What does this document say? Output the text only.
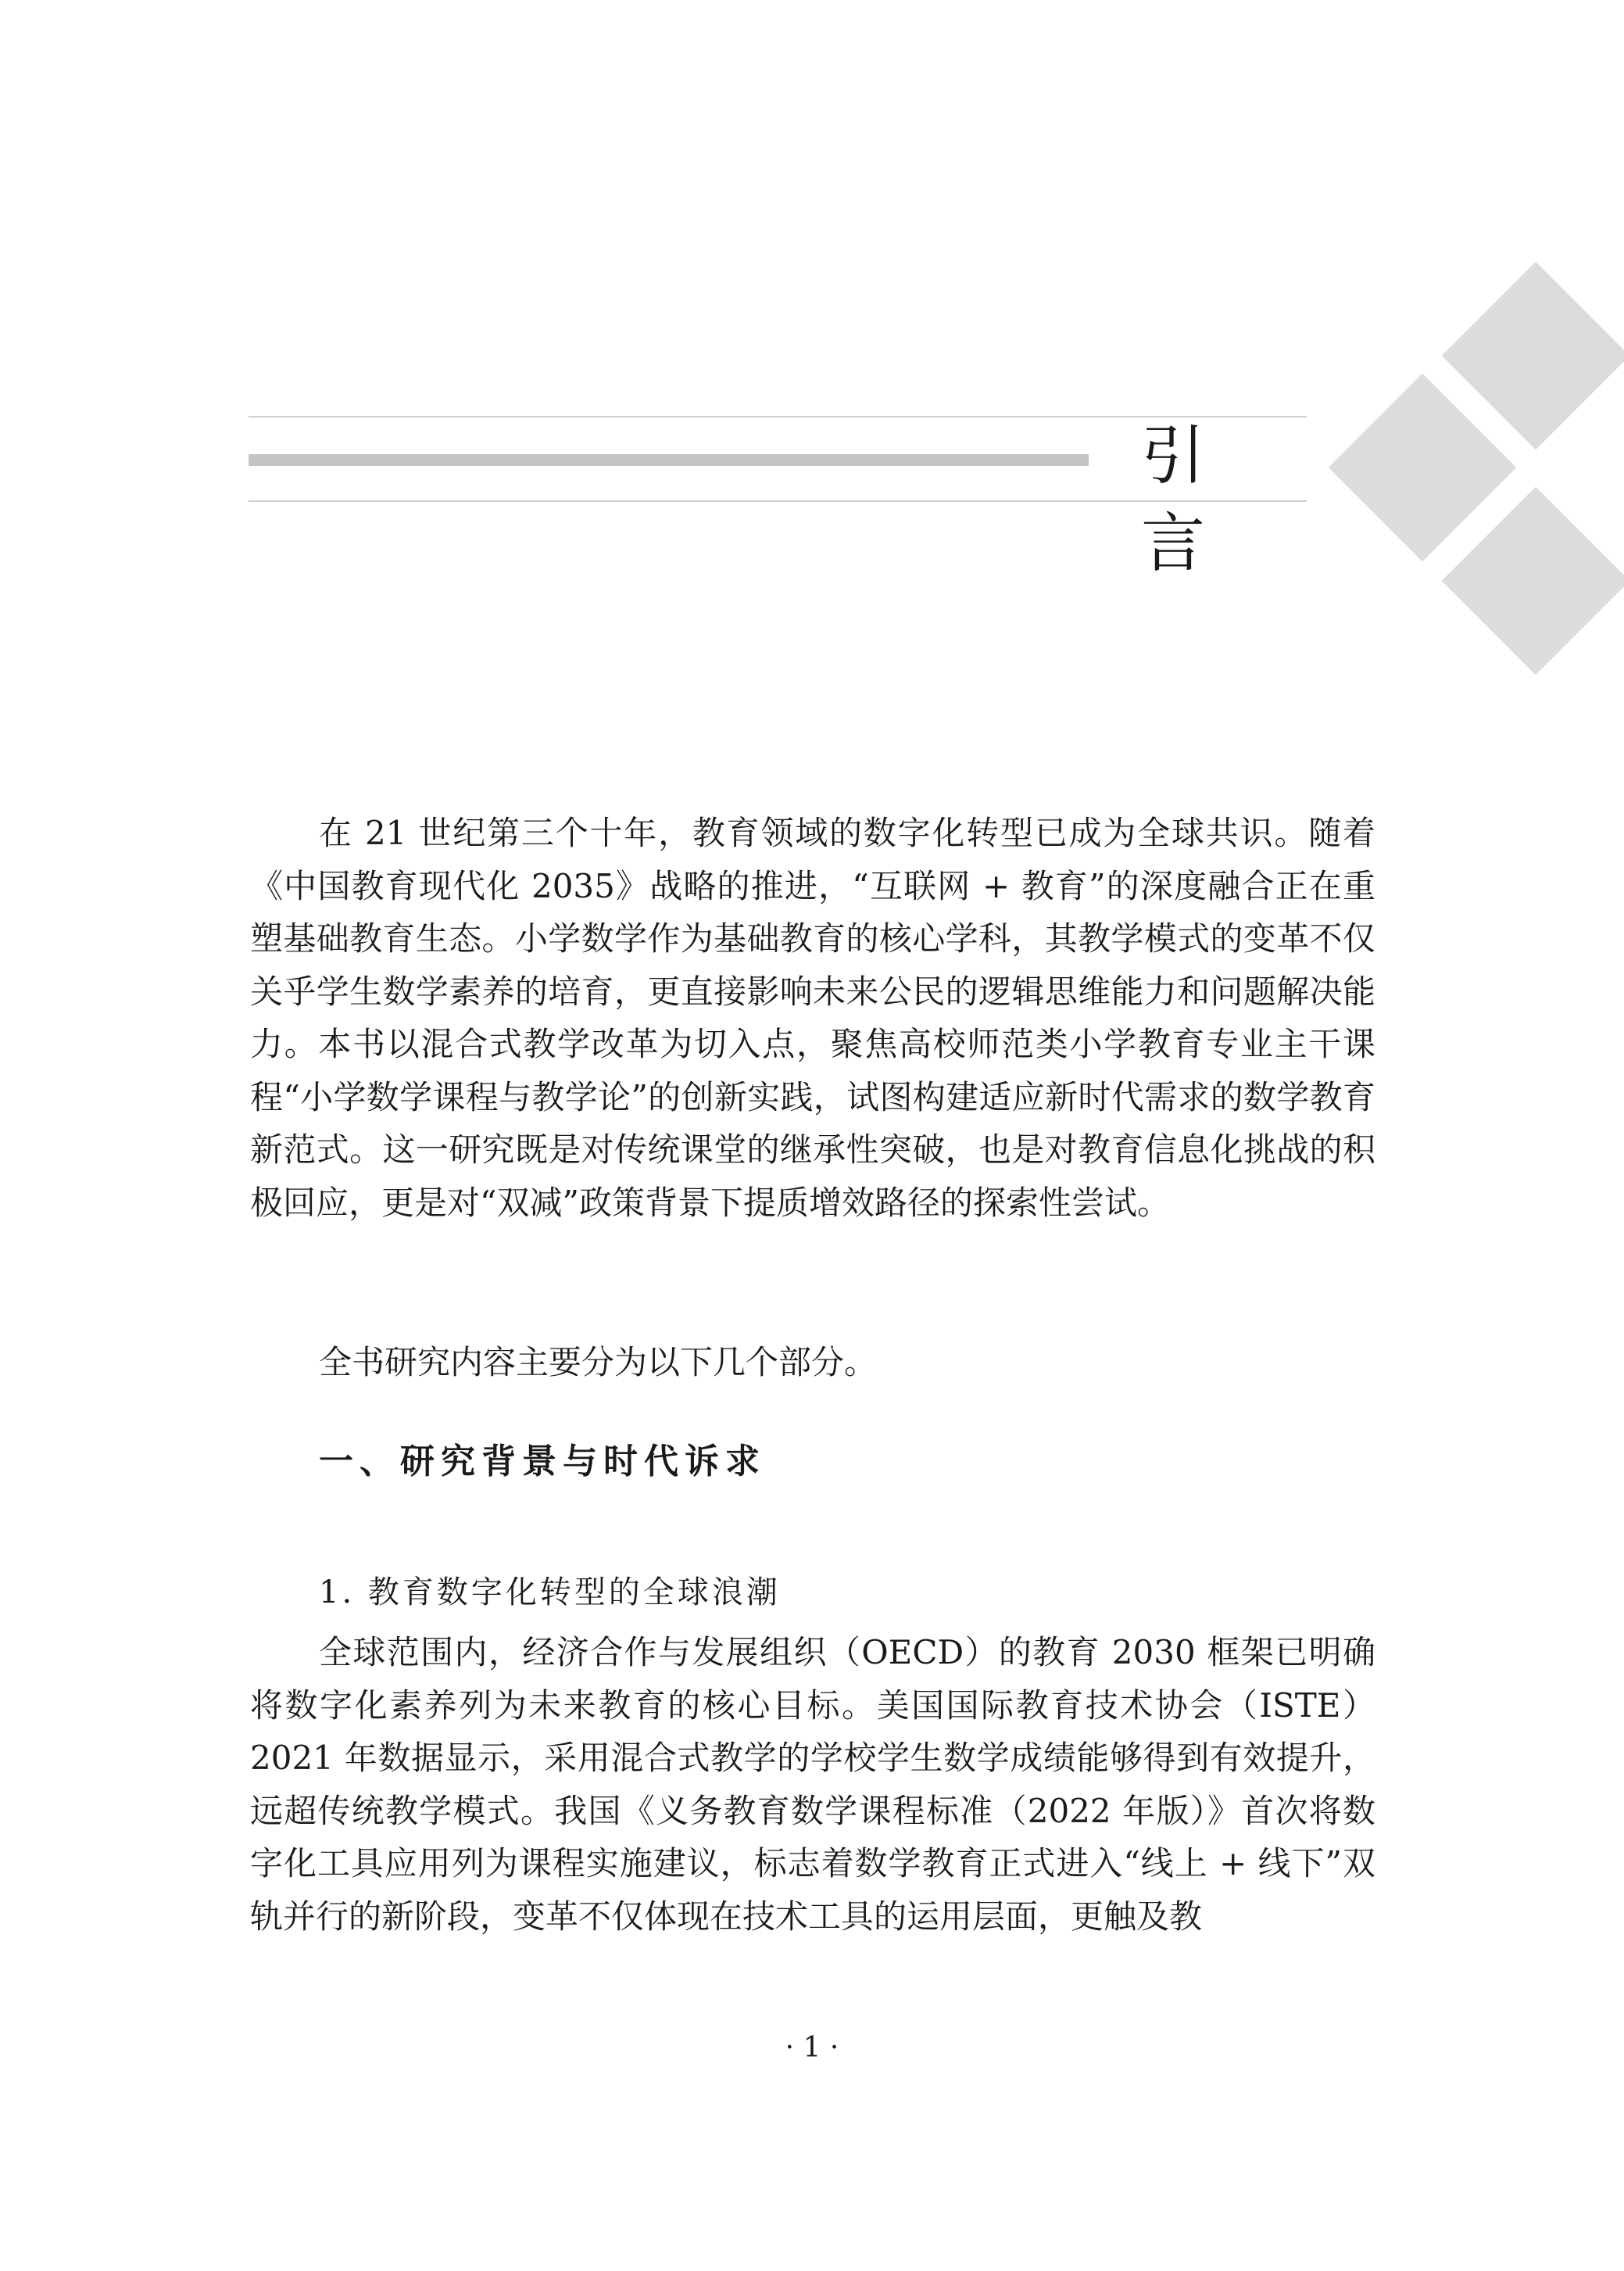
引 言

在 21 世纪第三个十年，教育领域的数字化转型已成为全球共识。随着《中国教育现代化 2035》战略的推进，“互联网 + 教育”的深度融合正在重塑基础教育生态。小学数学作为基础教育的核心学科，其教学模式的变革不仅关乎学生数学素养的培育，更直接影响未来公民的逻辑思维能力和问题解决能力。本书以混合式教学改革为切入点，聚焦高校师范类小学教育专业主干课程“小学数学课程与教学论”的创新实践，试图构建适应新时代需求的数学教育新范式。这一研究既是对传统课堂的继承性突破，也是对教育信息化挑战的积极回应，更是对“双减”政策背景下提质增效路径的探索性尝试。

全书研究内容主要分为以下几个部分。

一、研究背景与时代诉求
1. 教育数字化转型的全球浪潮

全球范围内，经济合作与发展组织（OECD）的教育 2030 框架已明确将数字化素养列为未来教育的核心目标。美国国际教育技术协会（ISTE）2021 年数据显示，采用混合式教学的学校学生数学成绩能够得到有效提升，远超传统教学模式。我国《义务教育数学课程标准（2022 年版）》首次将数字化工具应用列为课程实施建议，标志着数学教育正式进入“线上 + 线下”双轨并行的新阶段，变革不仅体现在技术工具的运用层面，更触及教

· 1 ·
